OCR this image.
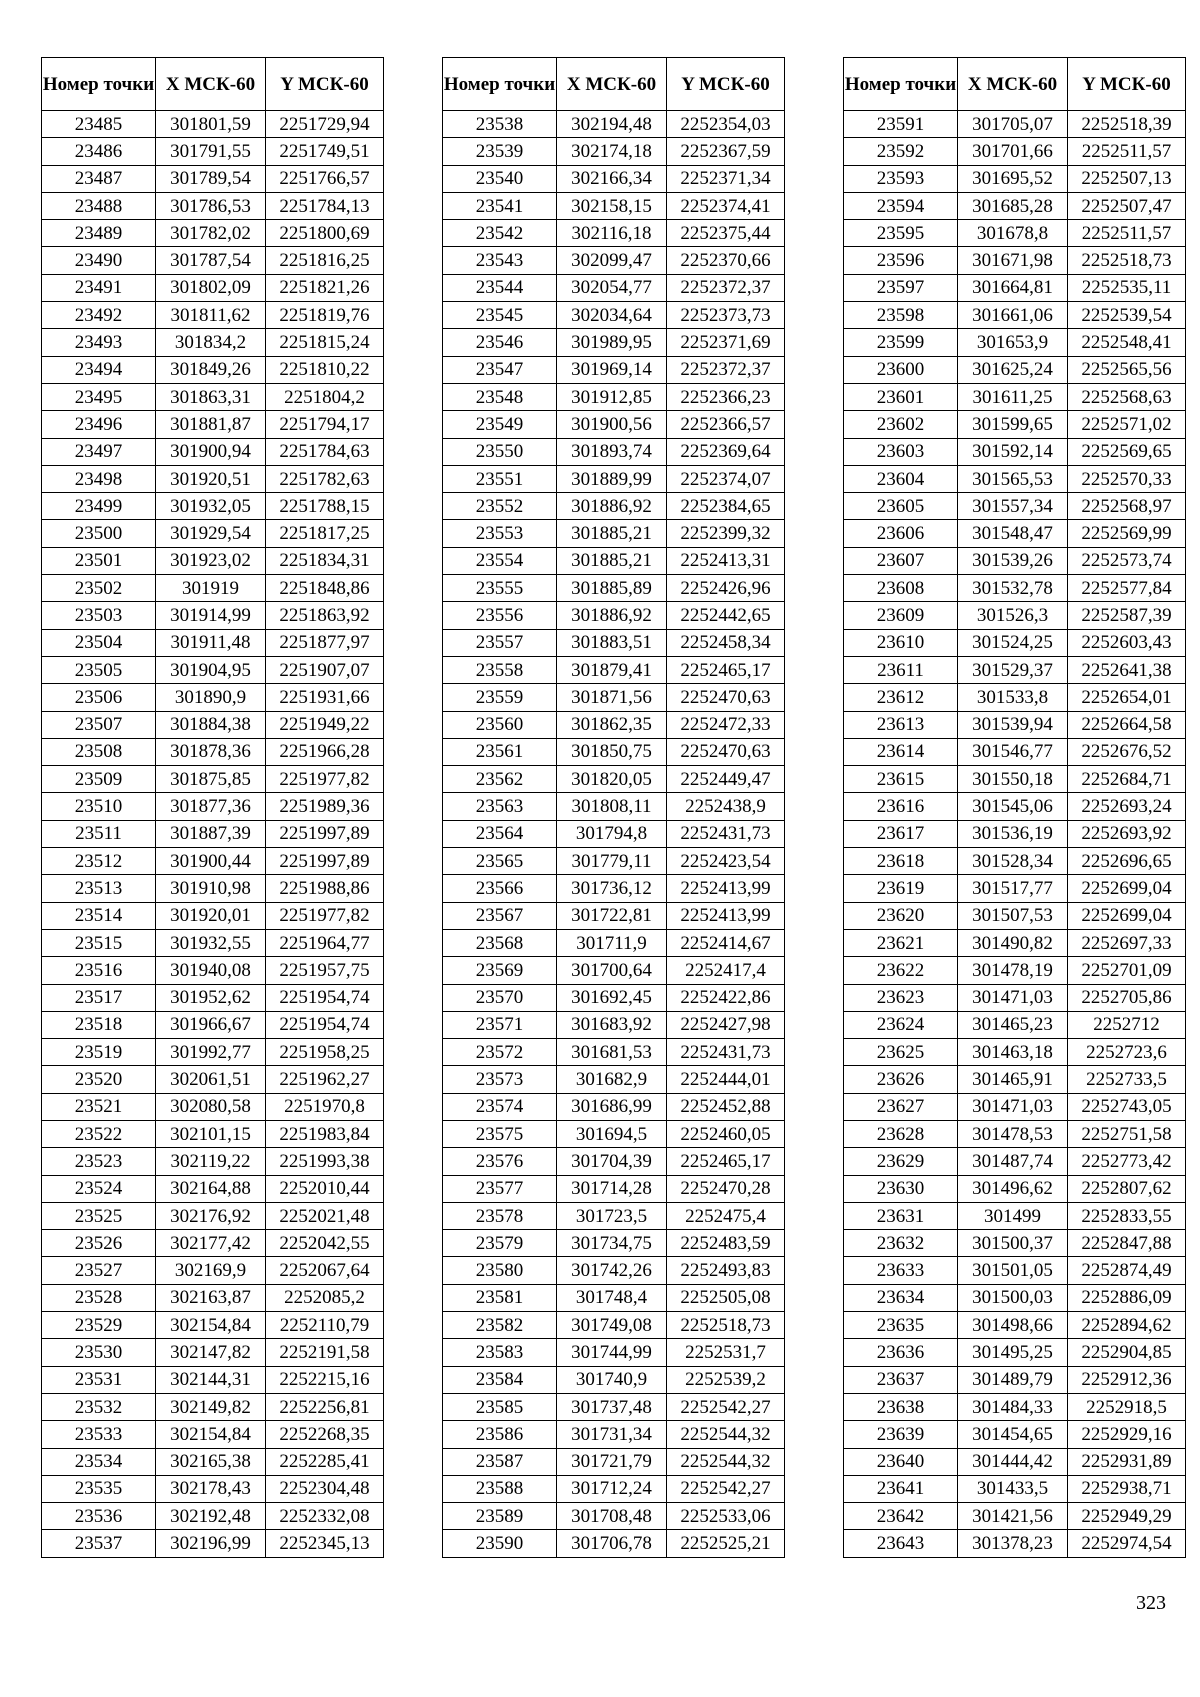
Номер точки	X МСК-60	Y МСК-60
23485	301801,59	2251729,94
23486	301791,55	2251749,51
23487	301789,54	2251766,57
23488	301786,53	2251784,13
23489	301782,02	2251800,69
23490	301787,54	2251816,25
23491	301802,09	2251821,26
23492	301811,62	2251819,76
23493	301834,2	2251815,24
23494	301849,26	2251810,22
23495	301863,31	2251804,2
23496	301881,87	2251794,17
23497	301900,94	2251784,63
23498	301920,51	2251782,63
23499	301932,05	2251788,15
23500	301929,54	2251817,25
23501	301923,02	2251834,31
23502	301919	2251848,86
23503	301914,99	2251863,92
23504	301911,48	2251877,97
23505	301904,95	2251907,07
23506	301890,9	2251931,66
23507	301884,38	2251949,22
23508	301878,36	2251966,28
23509	301875,85	2251977,82
23510	301877,36	2251989,36
23511	301887,39	2251997,89
23512	301900,44	2251997,89
23513	301910,98	2251988,86
23514	301920,01	2251977,82
23515	301932,55	2251964,77
23516	301940,08	2251957,75
23517	301952,62	2251954,74
23518	301966,67	2251954,74
23519	301992,77	2251958,25
23520	302061,51	2251962,27
23521	302080,58	2251970,8
23522	302101,15	2251983,84
23523	302119,22	2251993,38
23524	302164,88	2252010,44
23525	302176,92	2252021,48
23526	302177,42	2252042,55
23527	302169,9	2252067,64
23528	302163,87	2252085,2
23529	302154,84	2252110,79
23530	302147,82	2252191,58
23531	302144,31	2252215,16
23532	302149,82	2252256,81
23533	302154,84	2252268,35
23534	302165,38	2252285,41
23535	302178,43	2252304,48
23536	302192,48	2252332,08
23537	302196,99	2252345,13
Номер точки	X МСК-60	Y МСК-60
23538	302194,48	2252354,03
23539	302174,18	2252367,59
23540	302166,34	2252371,34
23541	302158,15	2252374,41
23542	302116,18	2252375,44
23543	302099,47	2252370,66
23544	302054,77	2252372,37
23545	302034,64	2252373,73
23546	301989,95	2252371,69
23547	301969,14	2252372,37
23548	301912,85	2252366,23
23549	301900,56	2252366,57
23550	301893,74	2252369,64
23551	301889,99	2252374,07
23552	301886,92	2252384,65
23553	301885,21	2252399,32
23554	301885,21	2252413,31
23555	301885,89	2252426,96
23556	301886,92	2252442,65
23557	301883,51	2252458,34
23558	301879,41	2252465,17
23559	301871,56	2252470,63
23560	301862,35	2252472,33
23561	301850,75	2252470,63
23562	301820,05	2252449,47
23563	301808,11	2252438,9
23564	301794,8	2252431,73
23565	301779,11	2252423,54
23566	301736,12	2252413,99
23567	301722,81	2252413,99
23568	301711,9	2252414,67
23569	301700,64	2252417,4
23570	301692,45	2252422,86
23571	301683,92	2252427,98
23572	301681,53	2252431,73
23573	301682,9	2252444,01
23574	301686,99	2252452,88
23575	301694,5	2252460,05
23576	301704,39	2252465,17
23577	301714,28	2252470,28
23578	301723,5	2252475,4
23579	301734,75	2252483,59
23580	301742,26	2252493,83
23581	301748,4	2252505,08
23582	301749,08	2252518,73
23583	301744,99	2252531,7
23584	301740,9	2252539,2
23585	301737,48	2252542,27
23586	301731,34	2252544,32
23587	301721,79	2252544,32
23588	301712,24	2252542,27
23589	301708,48	2252533,06
23590	301706,78	2252525,21
Номер точки	X МСК-60	Y МСК-60
23591	301705,07	2252518,39
23592	301701,66	2252511,57
23593	301695,52	2252507,13
23594	301685,28	2252507,47
23595	301678,8	2252511,57
23596	301671,98	2252518,73
23597	301664,81	2252535,11
23598	301661,06	2252539,54
23599	301653,9	2252548,41
23600	301625,24	2252565,56
23601	301611,25	2252568,63
23602	301599,65	2252571,02
23603	301592,14	2252569,65
23604	301565,53	2252570,33
23605	301557,34	2252568,97
23606	301548,47	2252569,99
23607	301539,26	2252573,74
23608	301532,78	2252577,84
23609	301526,3	2252587,39
23610	301524,25	2252603,43
23611	301529,37	2252641,38
23612	301533,8	2252654,01
23613	301539,94	2252664,58
23614	301546,77	2252676,52
23615	301550,18	2252684,71
23616	301545,06	2252693,24
23617	301536,19	2252693,92
23618	301528,34	2252696,65
23619	301517,77	2252699,04
23620	301507,53	2252699,04
23621	301490,82	2252697,33
23622	301478,19	2252701,09
23623	301471,03	2252705,86
23624	301465,23	2252712
23625	301463,18	2252723,6
23626	301465,91	2252733,5
23627	301471,03	2252743,05
23628	301478,53	2252751,58
23629	301487,74	2252773,42
23630	301496,62	2252807,62
23631	301499	2252833,55
23632	301500,37	2252847,88
23633	301501,05	2252874,49
23634	301500,03	2252886,09
23635	301498,66	2252894,62
23636	301495,25	2252904,85
23637	301489,79	2252912,36
23638	301484,33	2252918,5
23639	301454,65	2252929,16
23640	301444,42	2252931,89
23641	301433,5	2252938,71
23642	301421,56	2252949,29
23643	301378,23	2252974,54
323
